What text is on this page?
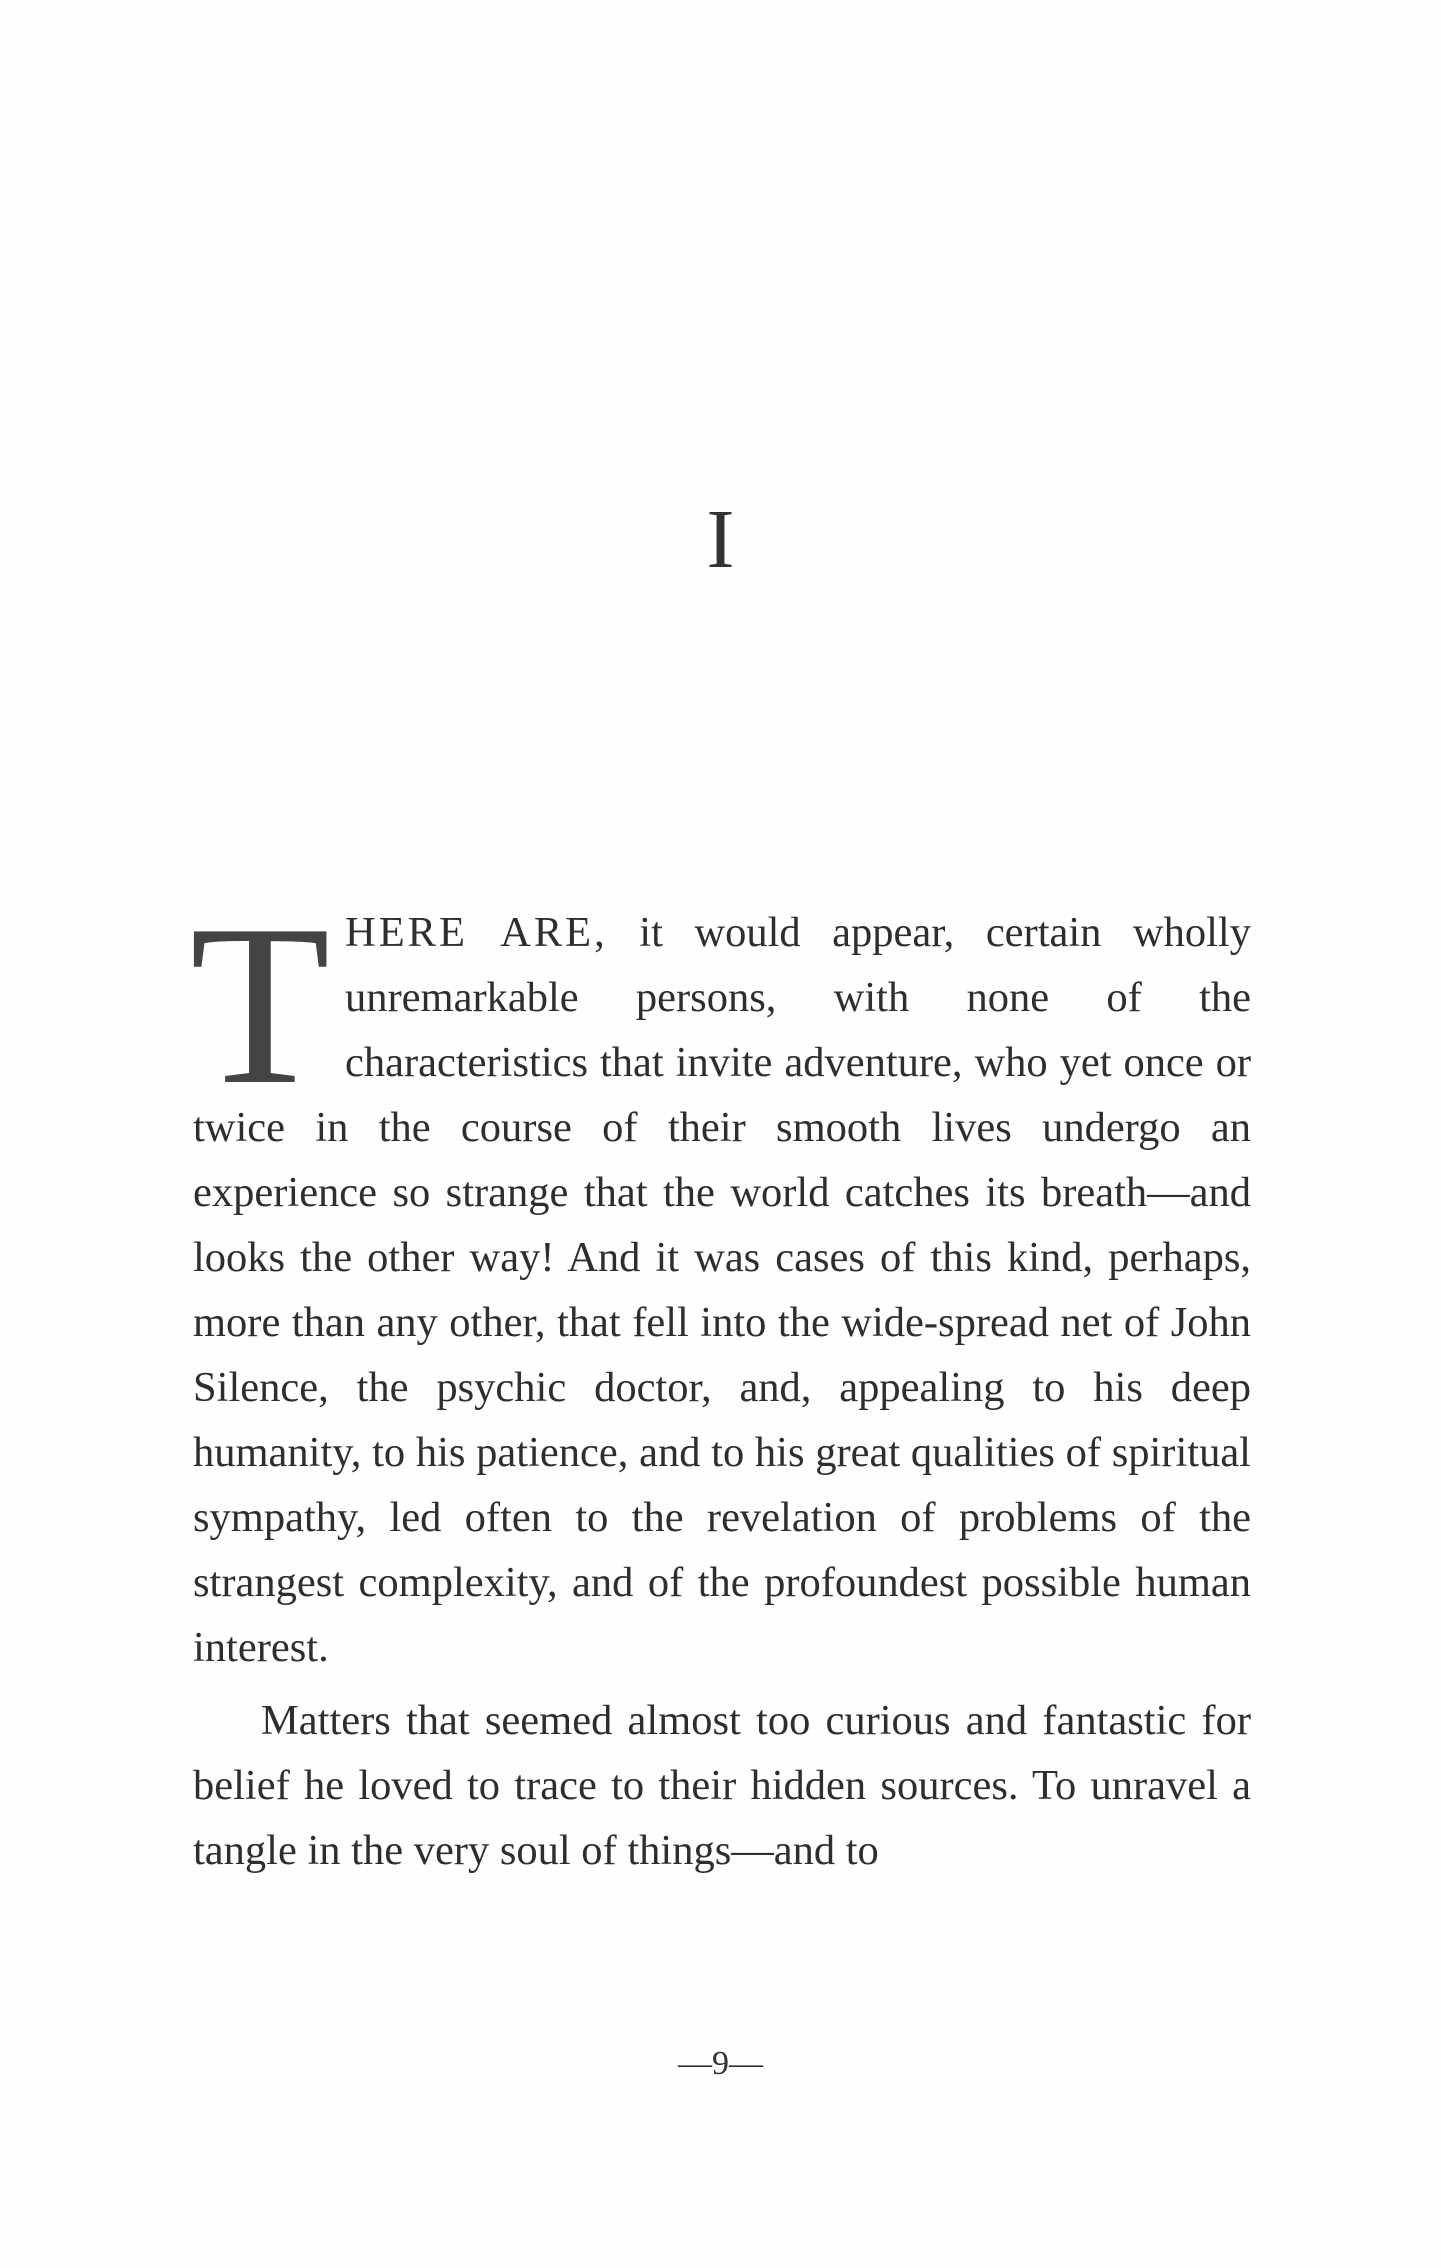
I

T HERE ARE, it would appear, certain wholly unremarkable persons, with none of the characteristics that invite adventure, who yet once or twice in the course of their smooth lives undergo an experience so strange that the world catches its breath—and looks the other way! And it was cases of this kind, perhaps, more than any other, that fell into the wide-spread net of John Silence, the psychic doctor, and, appealing to his deep humanity, to his patience, and to his great qualities of spiritual sympathy, led often to the revelation of problems of the strangest complexity, and of the profoundest possible human interest.

Matters that seemed almost too curious and fantastic for belief he loved to trace to their hidden sources. To unravel a tangle in the very soul of things—and to

—9—
